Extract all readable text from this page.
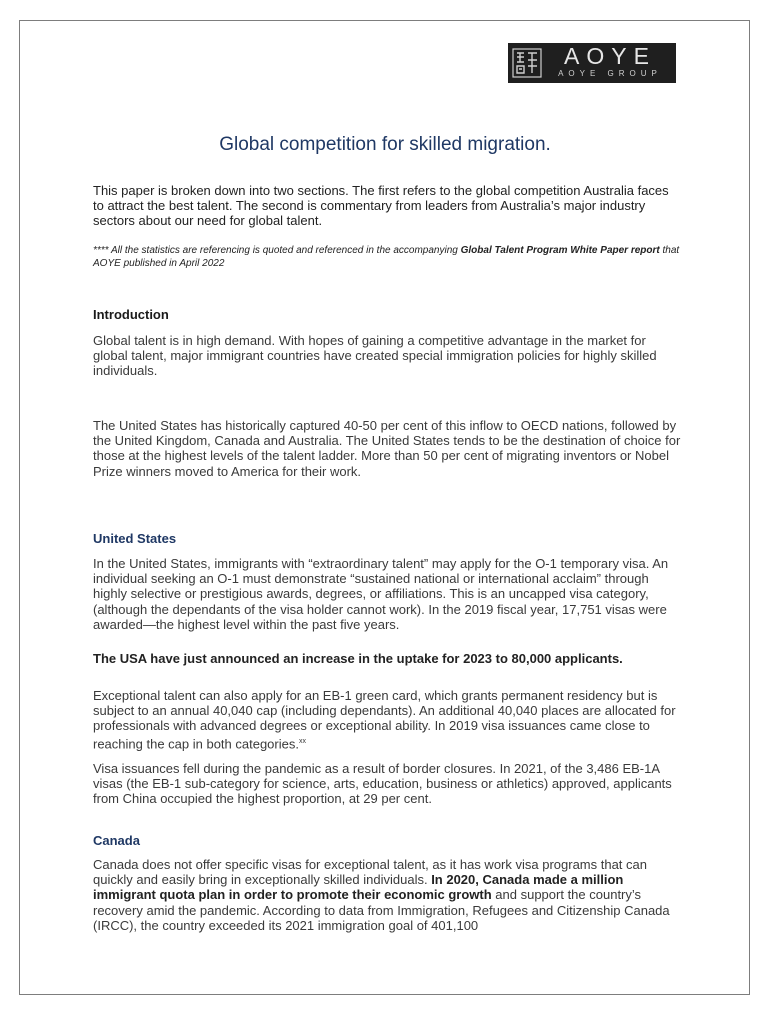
AOYE
AOYE GROUP
Global competition for skilled migration.

This paper is broken down into two sections. The first refers to the global competition Australia faces to attract the best talent. The second is commentary from leaders from Australia’s major industry sectors about our need for global talent.

**** All the statistics are referencing is quoted and referenced in the accompanying Global Talent Program White Paper report that AOYE published in April 2022

Introduction

Global talent is in high demand. With hopes of gaining a competitive advantage in the market for global talent, major immigrant countries have created special immigration policies for highly skilled individuals.

The United States has historically captured 40-50 per cent of this inflow to OECD nations, followed by the United Kingdom, Canada and Australia. The United States tends to be the destination of choice for those at the highest levels of the talent ladder. More than 50 per cent of migrating inventors or Nobel Prize winners moved to America for their work.

United States

In the United States, immigrants with “extraordinary talent” may apply for the O-1 temporary visa. An individual seeking an O-1 must demonstrate “sustained national or international acclaim” through highly selective or prestigious awards, degrees, or affiliations. This is an uncapped visa category, (although the dependants of the visa holder cannot work). In the 2019 fiscal year, 17,751 visas were awarded—the highest level within the past five years.

The USA have just announced an increase in the uptake for 2023 to 80,000 applicants.

Exceptional talent can also apply for an EB-1 green card, which grants permanent residency but is subject to an annual 40,040 cap (including dependants). An additional 40,040 places are allocated for professionals with advanced degrees or exceptional ability. In 2019 visa issuances came close to reaching the cap in both categories.$^{xx}$

Visa issuances fell during the pandemic as a result of border closures. In 2021, of the 3,486 EB-1A visas (the EB-1 sub-category for science, arts, education, business or athletics) approved, applicants from China occupied the highest proportion, at 29 per cent.

Canada

Canada does not offer specific visas for exceptional talent, as it has work visa programs that can quickly and easily bring in exceptionally skilled individuals. In 2020, Canada made a million immigrant quota plan in order to promote their economic growth and support the country’s recovery amid the pandemic. According to data from Immigration, Refugees and Citizenship Canada (IRCC), the country exceeded its 2021 immigration goal of 401,100
